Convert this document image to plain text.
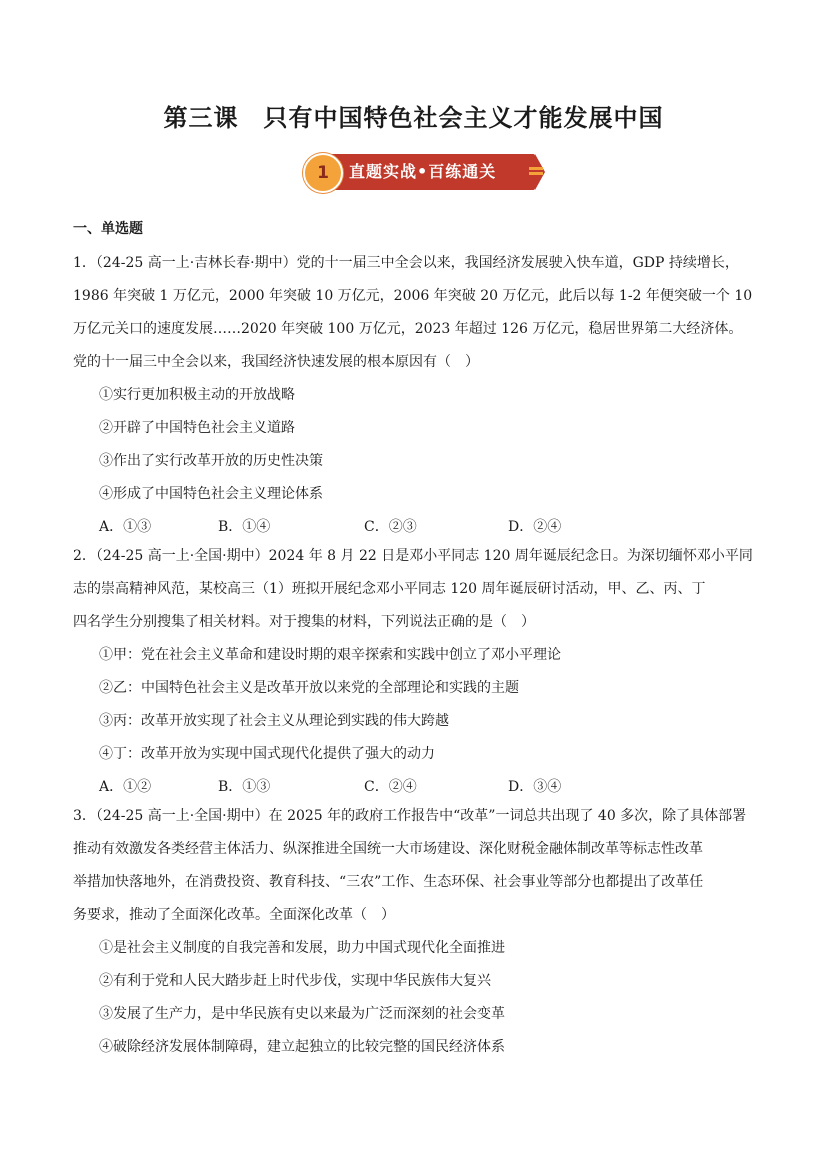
第三课　只有中国特色社会主义才能发展中国
1	直题实战•百练通关
一、单选题
1．（24-25 高一上·吉林长春·期中）党的十一届三中全会以来，我国经济发展驶入快车道，GDP 持续增长，
1986 年突破 1 万亿元，2000 年突破 10 万亿元，2006 年突破 20 万亿元，此后以每 1-2 年便突破一个 10
万亿元关口的速度发展……2020 年突破 100 万亿元，2023 年超过 126 万亿元，稳居世界第二大经济体。
党的十一届三中全会以来，我国经济快速发展的根本原因有（　）
①实行更加积极主动的开放战略
②开辟了中国特色社会主义道路
③作出了实行改革开放的历史性决策
④形成了中国特色社会主义理论体系
A．①③	B．①④	C．②③	D．②④
2．（24-25 高一上·全国·期中）2024 年 8 月 22 日是邓小平同志 120 周年诞辰纪念日。为深切缅怀邓小平同
志的崇高精神风范，某校高三（1）班拟开展纪念邓小平同志 120 周年诞辰研讨活动，甲、乙、丙、丁
四名学生分别搜集了相关材料。对于搜集的材料，下列说法正确的是（　）
①甲：党在社会主义革命和建设时期的艰辛探索和实践中创立了邓小平理论
②乙：中国特色社会主义是改革开放以来党的全部理论和实践的主题
③丙：改革开放实现了社会主义从理论到实践的伟大跨越
④丁：改革开放为实现中国式现代化提供了强大的动力
A．①②	B．①③	C．②④	D．③④
3．（24-25 高一上·全国·期中）在 2025 年的政府工作报告中“改革”一词总共出现了 40 多次，除了具体部署
推动有效激发各类经营主体活力、纵深推进全国统一大市场建设、深化财税金融体制改革等标志性改革
举措加快落地外，在消费投资、教育科技、“三农”工作、生态环保、社会事业等部分也都提出了改革任
务要求，推动了全面深化改革。全面深化改革（　）
①是社会主义制度的自我完善和发展，助力中国式现代化全面推进
②有利于党和人民大踏步赶上时代步伐，实现中华民族伟大复兴
③发展了生产力，是中华民族有史以来最为广泛而深刻的社会变革
④破除经济发展体制障碍，建立起独立的比较完整的国民经济体系
